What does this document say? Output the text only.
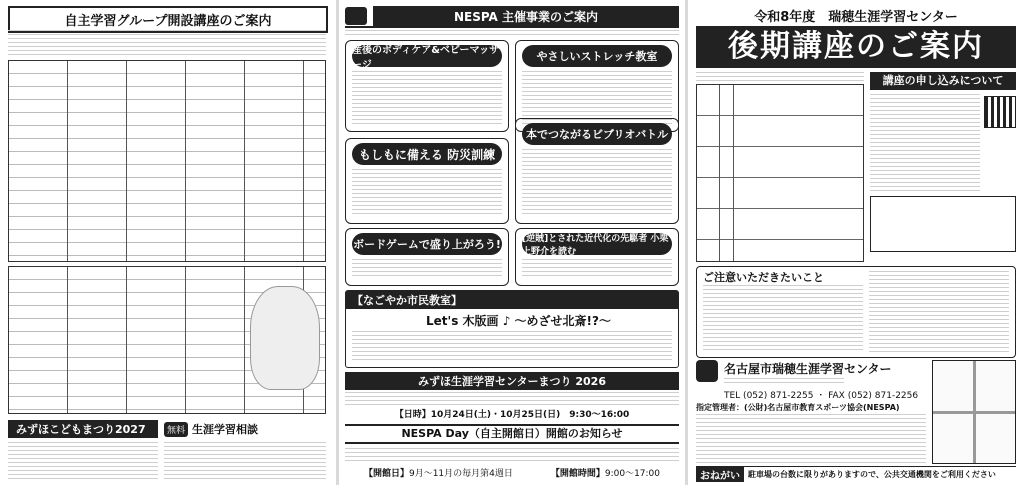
自主学習グループ開設講座のご案内
みずほこどもまつり2027	無料 生涯学習相談
NESPA 主催事業のご案内
産後のボディケア&ベビーマッサージ
やさしいストレッチ教室
もしもに備える 防災訓練
本でつながるビブリオバトル
ボードゲームで盛り上がろう! [逆賊]とされた近代化の先駆者 小栗上野介を読む
【なごやか市民教室】
Let's 木版画 ♪ 〜めざせ北斎!?〜
みずほ生涯学習センターまつり 2026
【日時】10月24日(土)・10月25日(日)　9:30〜16:00
NESPA Day（自主開館日）開館のお知らせ
【開館日】9月〜11月の毎月第4週日	【開館時間】9:00〜17:00
令和8年度　瑞穂生涯学習センター
後期講座のご案内
講座の申し込みについて
ご注意いただきたいこと
名古屋市瑞穂生涯学習センター
TEL (052) 871-2255 ・ FAX (052) 871-2256
指定管理者：(公財)名古屋市教育スポーツ協会(NESPA)
おねがい	駐車場の台数に限りがありますので、公共交通機関をご利用ください
